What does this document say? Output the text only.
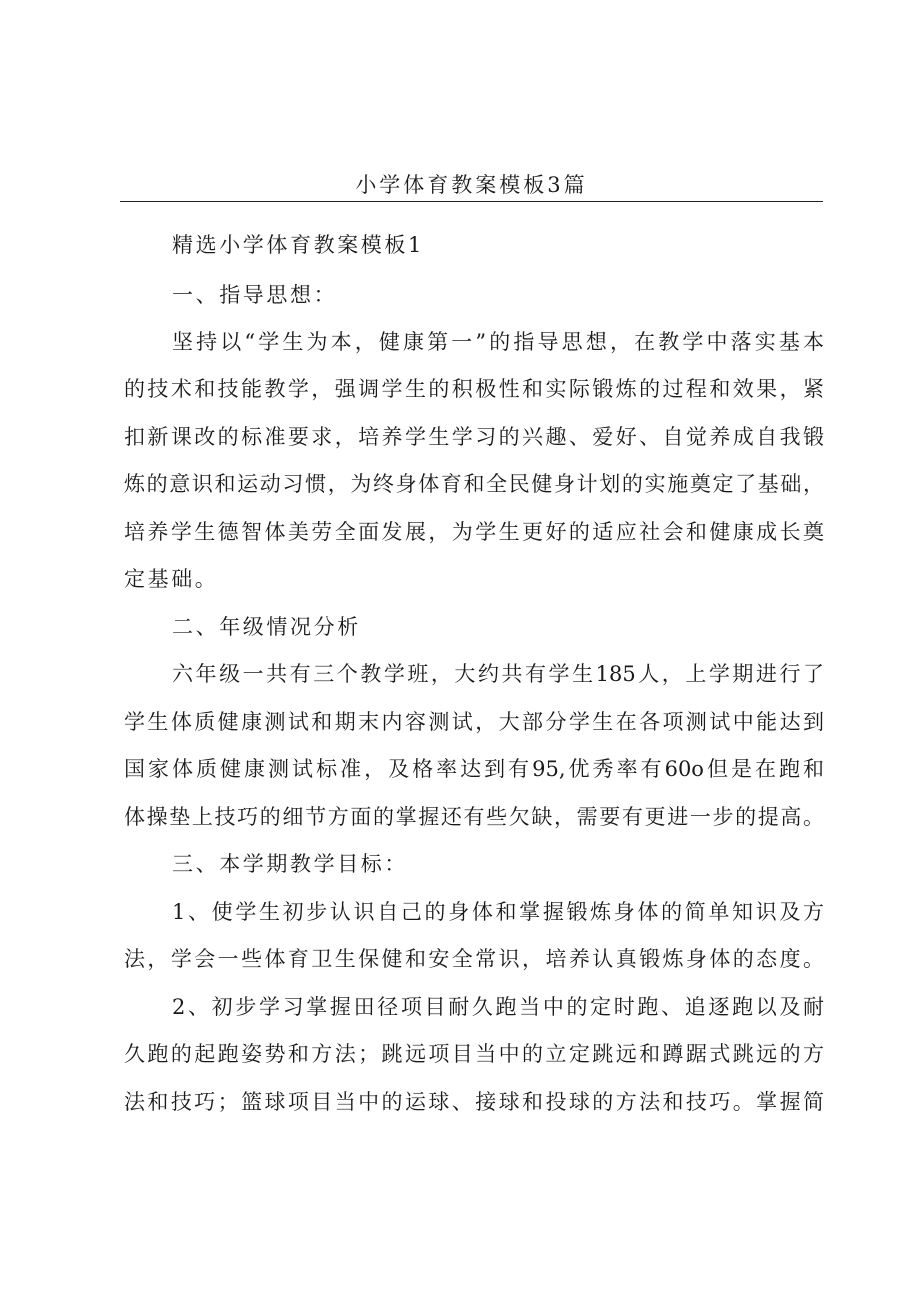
小学体育教案模板3篇
精选小学体育教案模板1
一、指导思想：
坚持以“学生为本，健康第一”的指导思想，在教学中落实基本
的技术和技能教学，强调学生的积极性和实际锻炼的过程和效果，紧
扣新课改的标准要求，培养学生学习的兴趣、爱好、自觉养成自我锻
炼的意识和运动习惯，为终身体育和全民健身计划的实施奠定了基础，
培养学生德智体美劳全面发展，为学生更好的适应社会和健康成长奠
定基础。
二、年级情况分析
六年级一共有三个教学班，大约共有学生185人，上学期进行了
学生体质健康测试和期末内容测试，大部分学生在各项测试中能达到
国家体质健康测试标准，及格率达到有95,优秀率有60o但是在跑和
体操垫上技巧的细节方面的掌握还有些欠缺，需要有更进一步的提高。
三、本学期教学目标：
1、使学生初步认识自己的身体和掌握锻炼身体的简单知识及方
法，学会一些体育卫生保健和安全常识，培养认真锻炼身体的态度。
2、初步学习掌握田径项目耐久跑当中的定时跑、追逐跑以及耐
久跑的起跑姿势和方法；跳远项目当中的立定跳远和蹲踞式跳远的方
法和技巧；篮球项目当中的运球、接球和投球的方法和技巧。掌握简
